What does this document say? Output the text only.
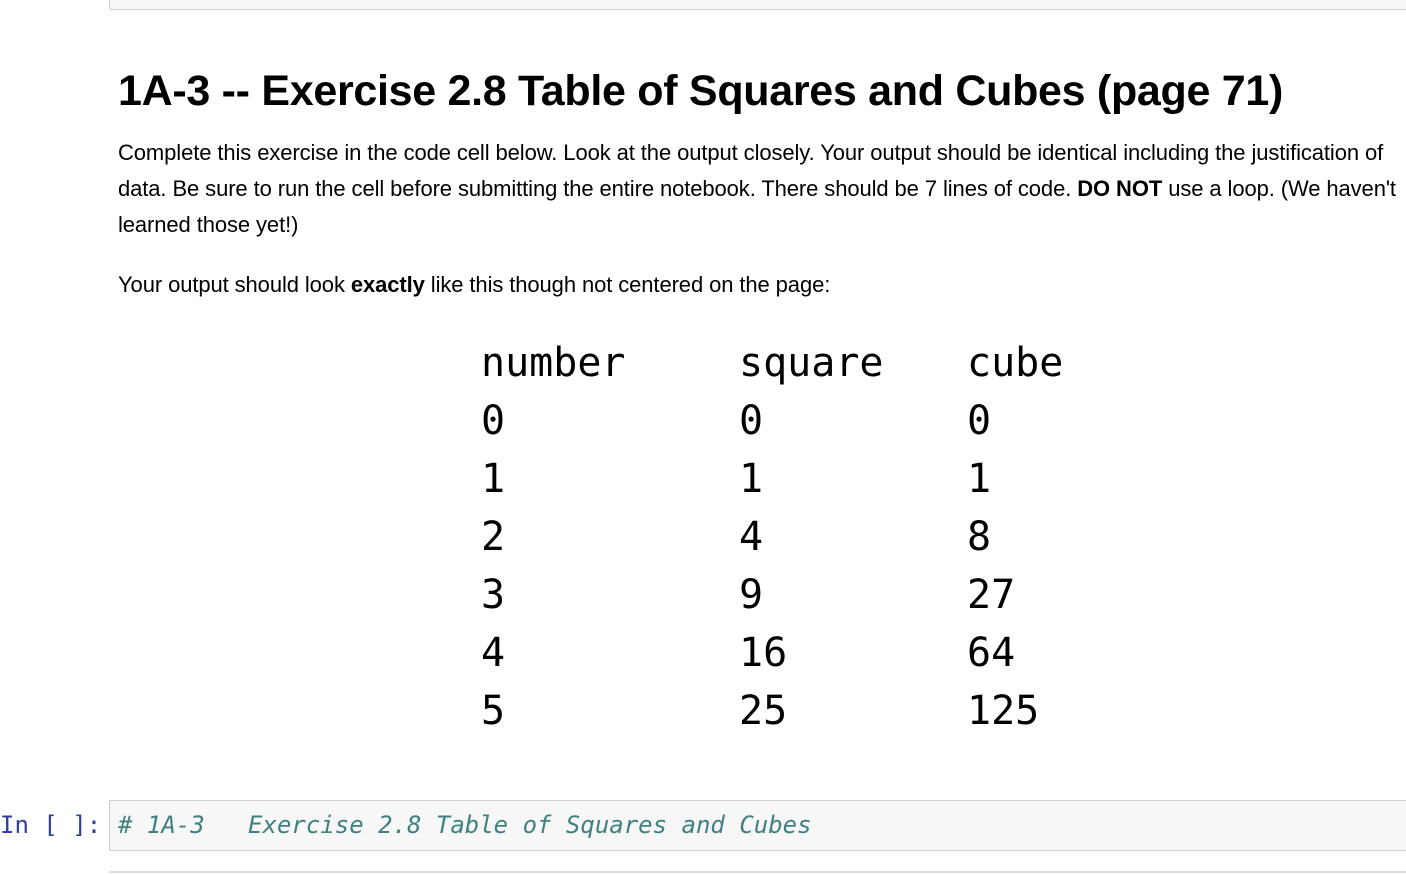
1A-3 -- Exercise 2.8 Table of Squares and Cubes (page 71)

Complete this exercise in the code cell below. Look at the output closely. Your output should be identical including the justification of data. Be sure to run the cell before submitting the entire notebook. There should be 7 lines of code. DO NOT use a loop. (We haven't learned those yet!)

Your output should look exactly like this though not centered on the page:

number	square	cube
0	0	0
1	1	1
2	4	8
3	9	27
4	16	64
5	25	125
In [ ]: # 1A-3   Exercise 2.8 Table of Squares and Cubes
